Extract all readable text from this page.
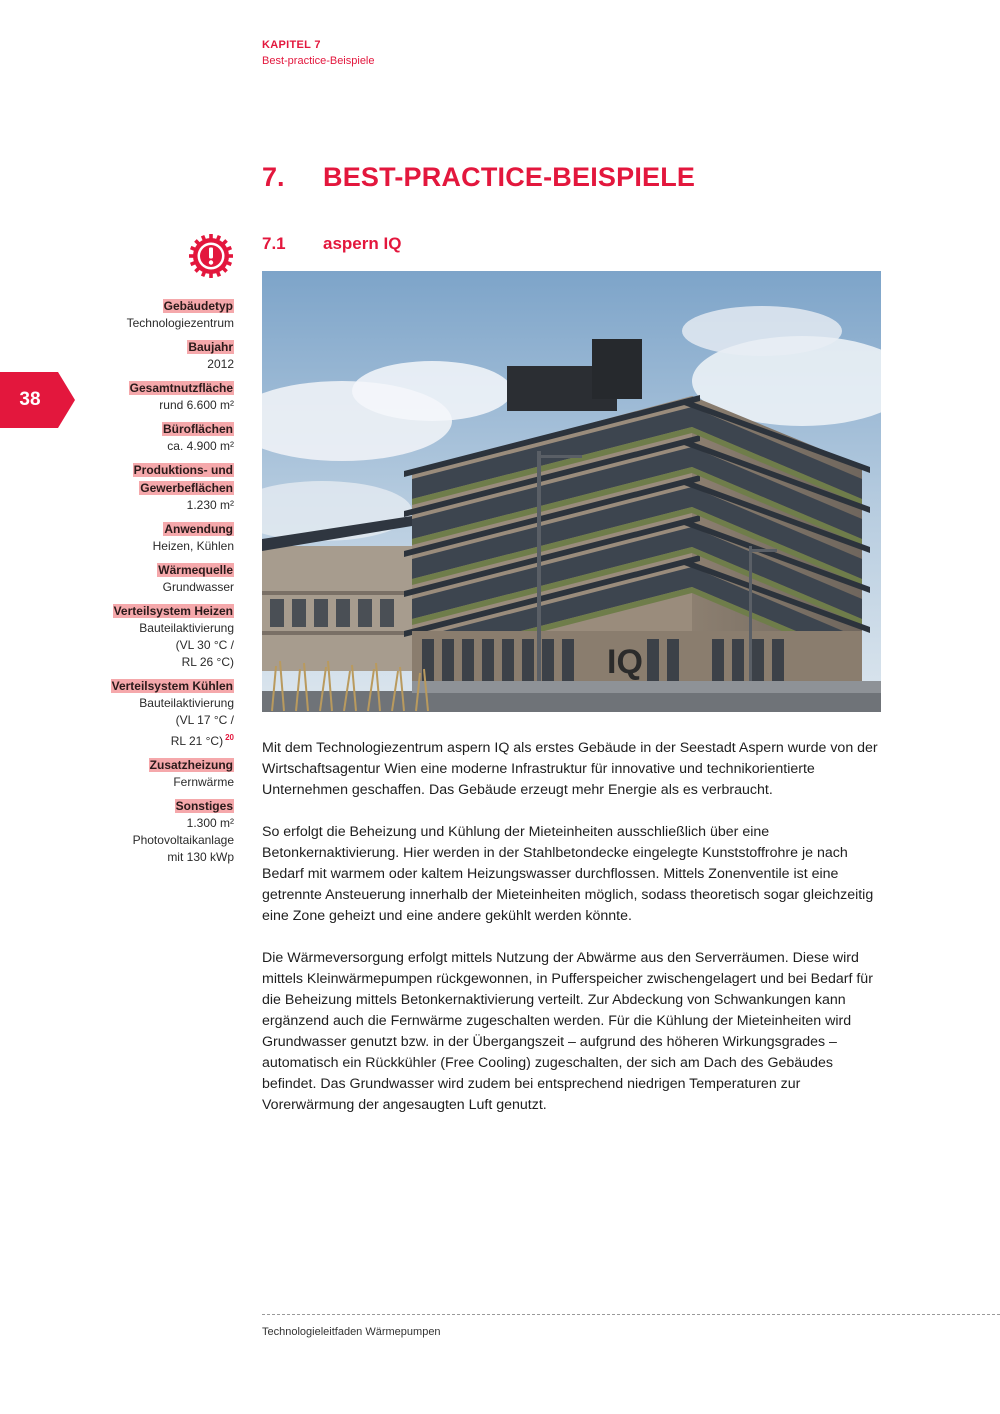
KAPITEL 7
Best-practice-Beispiele
7. BEST-PRACTICE-BEISPIELE
7.1 aspern IQ
38
Gebäudetyp
Technologiezentrum
Baujahr
2012
Gesamtnutzfläche
rund 6.600 m²
Büroflächen
ca. 4.900 m²
Produktions- und Gewerbeflächen
1.230 m²
Anwendung
Heizen, Kühlen
Wärmequelle
Grundwasser
Verteilsystem Heizen
Bauteilaktivierung
(VL 30 °C /
RL 26 °C)
Verteilsystem Kühlen
Bauteilaktivierung
(VL 17 °C /
RL 21 °C) $^{20}$
Zusatzheizung
Fernwärme
Sonstiges
1.300 m²
Photovoltaikanlage
mit 130 kWp
IQ

Mit dem Technologiezentrum aspern IQ als erstes Gebäude in der Seestadt Aspern wurde von der Wirtschaftsagentur Wien eine moderne Infrastruktur für innovative und technikorientierte Unternehmen geschaffen. Das Gebäude erzeugt mehr Energie als es verbraucht.

So erfolgt die Beheizung und Kühlung der Mieteinheiten ausschließlich über eine Betonkernaktivierung. Hier werden in der Stahlbetondecke eingelegte Kunststoffrohre je nach Bedarf mit warmem oder kaltem Heizungswasser durchflossen. Mittels Zonenventile ist eine getrennte Ansteuerung innerhalb der Mieteinheiten möglich, sodass theoretisch sogar gleichzeitig eine Zone geheizt und eine andere gekühlt werden könnte.

Die Wärmeversorgung erfolgt mittels Nutzung der Abwärme aus den Serverräumen. Diese wird mittels Kleinwärmepumpen rückgewonnen, in Pufferspeicher zwischengelagert und bei Bedarf für die Beheizung mittels Betonkernaktivierung verteilt. Zur Abdeckung von Schwankungen kann ergänzend auch die Fernwärme zugeschalten werden. Für die Kühlung der Mieteinheiten wird Grundwasser genutzt bzw. in der Übergangszeit – aufgrund des höheren Wirkungsgrades – automatisch ein Rückkühler (Free Cooling) zugeschalten, der sich am Dach des Gebäudes befindet. Das Grundwasser wird zudem bei entsprechend niedrigen Temperaturen zur Vorerwärmung der angesaugten Luft genutzt.

Technologieleitfaden Wärmepumpen
